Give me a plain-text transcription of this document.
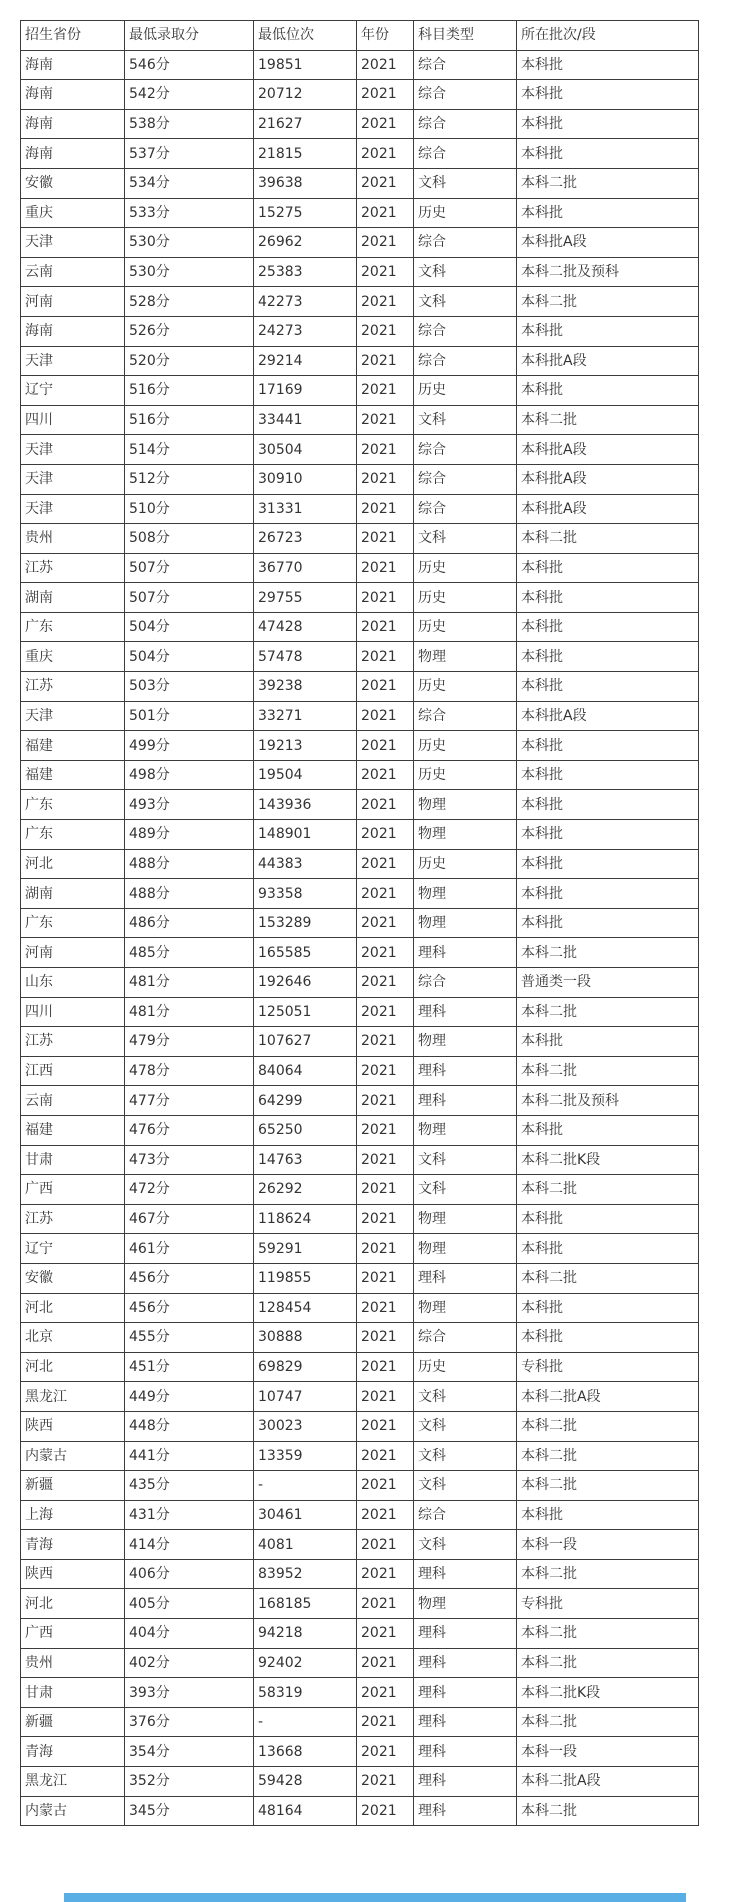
招生省份	最低录取分	最低位次	年份	科目类型	所在批次/段
海南	546分	19851	2021	综合	本科批
海南	542分	20712	2021	综合	本科批
海南	538分	21627	2021	综合	本科批
海南	537分	21815	2021	综合	本科批
安徽	534分	39638	2021	文科	本科二批
重庆	533分	15275	2021	历史	本科批
天津	530分	26962	2021	综合	本科批A段
云南	530分	25383	2021	文科	本科二批及预科
河南	528分	42273	2021	文科	本科二批
海南	526分	24273	2021	综合	本科批
天津	520分	29214	2021	综合	本科批A段
辽宁	516分	17169	2021	历史	本科批
四川	516分	33441	2021	文科	本科二批
天津	514分	30504	2021	综合	本科批A段
天津	512分	30910	2021	综合	本科批A段
天津	510分	31331	2021	综合	本科批A段
贵州	508分	26723	2021	文科	本科二批
江苏	507分	36770	2021	历史	本科批
湖南	507分	29755	2021	历史	本科批
广东	504分	47428	2021	历史	本科批
重庆	504分	57478	2021	物理	本科批
江苏	503分	39238	2021	历史	本科批
天津	501分	33271	2021	综合	本科批A段
福建	499分	19213	2021	历史	本科批
福建	498分	19504	2021	历史	本科批
广东	493分	143936	2021	物理	本科批
广东	489分	148901	2021	物理	本科批
河北	488分	44383	2021	历史	本科批
湖南	488分	93358	2021	物理	本科批
广东	486分	153289	2021	物理	本科批
河南	485分	165585	2021	理科	本科二批
山东	481分	192646	2021	综合	普通类一段
四川	481分	125051	2021	理科	本科二批
江苏	479分	107627	2021	物理	本科批
江西	478分	84064	2021	理科	本科二批
云南	477分	64299	2021	理科	本科二批及预科
福建	476分	65250	2021	物理	本科批
甘肃	473分	14763	2021	文科	本科二批K段
广西	472分	26292	2021	文科	本科二批
江苏	467分	118624	2021	物理	本科批
辽宁	461分	59291	2021	物理	本科批
安徽	456分	119855	2021	理科	本科二批
河北	456分	128454	2021	物理	本科批
北京	455分	30888	2021	综合	本科批
河北	451分	69829	2021	历史	专科批
黑龙江	449分	10747	2021	文科	本科二批A段
陕西	448分	30023	2021	文科	本科二批
内蒙古	441分	13359	2021	文科	本科二批
新疆	435分	-	2021	文科	本科二批
上海	431分	30461	2021	综合	本科批
青海	414分	4081	2021	文科	本科一段
陕西	406分	83952	2021	理科	本科二批
河北	405分	168185	2021	物理	专科批
广西	404分	94218	2021	理科	本科二批
贵州	402分	92402	2021	理科	本科二批
甘肃	393分	58319	2021	理科	本科二批K段
新疆	376分	-	2021	理科	本科二批
青海	354分	13668	2021	理科	本科一段
黑龙江	352分	59428	2021	理科	本科二批A段
内蒙古	345分	48164	2021	理科	本科二批
